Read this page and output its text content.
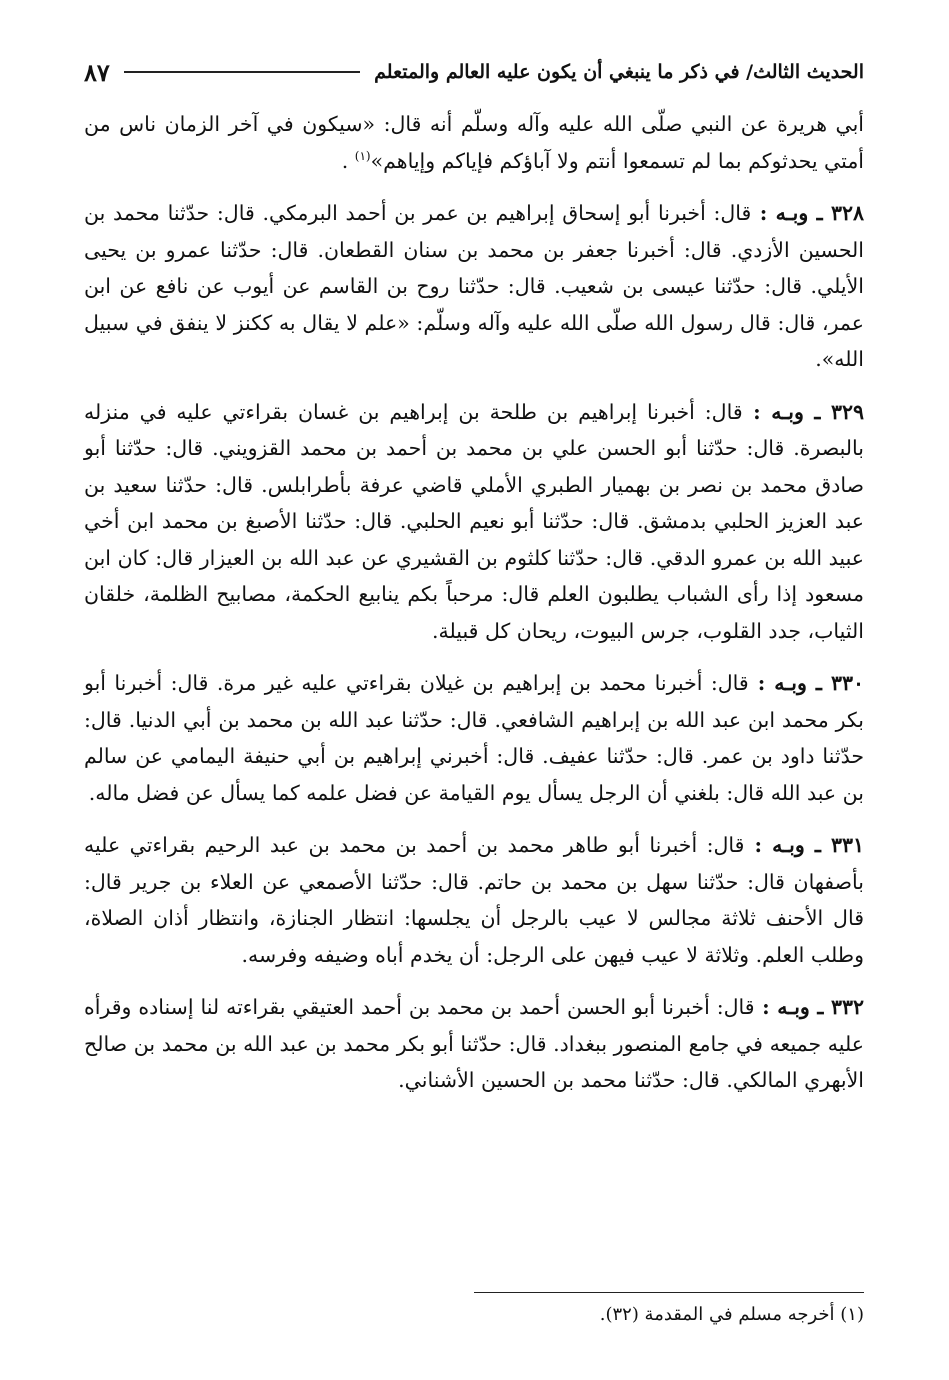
الحديث الثالث/ في ذكر ما ينبغي أن يكون عليه العالم والمتعلم
٨٧

أبي هريرة عن النبي صلّى الله عليه وآله وسلّم أنه قال: «سيكون في آخر الزمان ناس من أمتي يحدثوكم بما لم تسمعوا أنتم ولا آباؤكم فإياكم وإياهم»$^{(١)}$ .

٣٢٨ ـ وبـه : قال: أخبرنا أبو إسحاق إبراهيم بن عمر بن أحمد البرمكي. قال: حدّثنا محمد بن الحسين الأزدي. قال: أخبرنا جعفر بن محمد بن سنان القطعان. قال: حدّثنا عمرو بن يحيى الأيلي. قال: حدّثنا عيسى بن شعيب. قال: حدّثنا روح بن القاسم عن أيوب عن نافع عن ابن عمر، قال: قال رسول الله صلّى الله عليه وآله وسلّم: «علم لا يقال به ككنز لا ينفق في سبيل الله».

٣٢٩ ـ وبـه : قال: أخبرنا إبراهيم بن طلحة بن إبراهيم بن غسان بقراءتي عليه في منزله بالبصرة. قال: حدّثنا أبو الحسن علي بن محمد بن أحمد بن محمد القزويني. قال: حدّثنا أبو صادق محمد بن نصر بن بهميار الطبري الأملي قاضي عرفة بأطرابلس. قال: حدّثنا سعيد بن عبد العزيز الحلبي بدمشق. قال: حدّثنا أبو نعيم الحلبي. قال: حدّثنا الأصبغ بن محمد ابن أخي عبيد الله بن عمرو الدقي. قال: حدّثنا كلثوم بن القشيري عن عبد الله بن العيزار قال: كان ابن مسعود إذا رأى الشباب يطلبون العلم قال: مرحباً بكم ينابيع الحكمة، مصابيح الظلمة، خلقان الثياب، جدد القلوب، جرس البيوت، ريحان كل قبيلة.

٣٣٠ ـ وبـه : قال: أخبرنا محمد بن إبراهيم بن غيلان بقراءتي عليه غير مرة. قال: أخبرنا أبو بكر محمد ابن عبد الله بن إبراهيم الشافعي. قال: حدّثنا عبد الله بن محمد بن أبي الدنيا. قال: حدّثنا داود بن عمر. قال: حدّثنا عفيف. قال: أخبرني إبراهيم بن أبي حنيفة اليمامي عن سالم بن عبد الله قال: بلغني أن الرجل يسأل يوم القيامة عن فضل علمه كما يسأل عن فضل ماله.

٣٣١ ـ وبـه : قال: أخبرنا أبو طاهر محمد بن أحمد بن محمد بن عبد الرحيم بقراءتي عليه بأصفهان قال: حدّثنا سهل بن محمد بن حاتم. قال: حدّثنا الأصمعي عن العلاء بن جرير قال: قال الأحنف ثلاثة مجالس لا عيب بالرجل أن يجلسها: انتظار الجنازة، وانتظار أذان الصلاة، وطلب العلم. وثلاثة لا عيب فيهن على الرجل: أن يخدم أباه وضيفه وفرسه.

٣٣٢ ـ وبـه : قال: أخبرنا أبو الحسن أحمد بن محمد بن أحمد العتيقي بقراءته لنا إسناده وقرأه عليه جميعه في جامع المنصور ببغداد. قال: حدّثنا أبو بكر محمد بن عبد الله بن محمد بن صالح الأبهري المالكي. قال: حدّثنا محمد بن الحسين الأشناني.

(١) أخرجه مسلم في المقدمة (٣٢).
